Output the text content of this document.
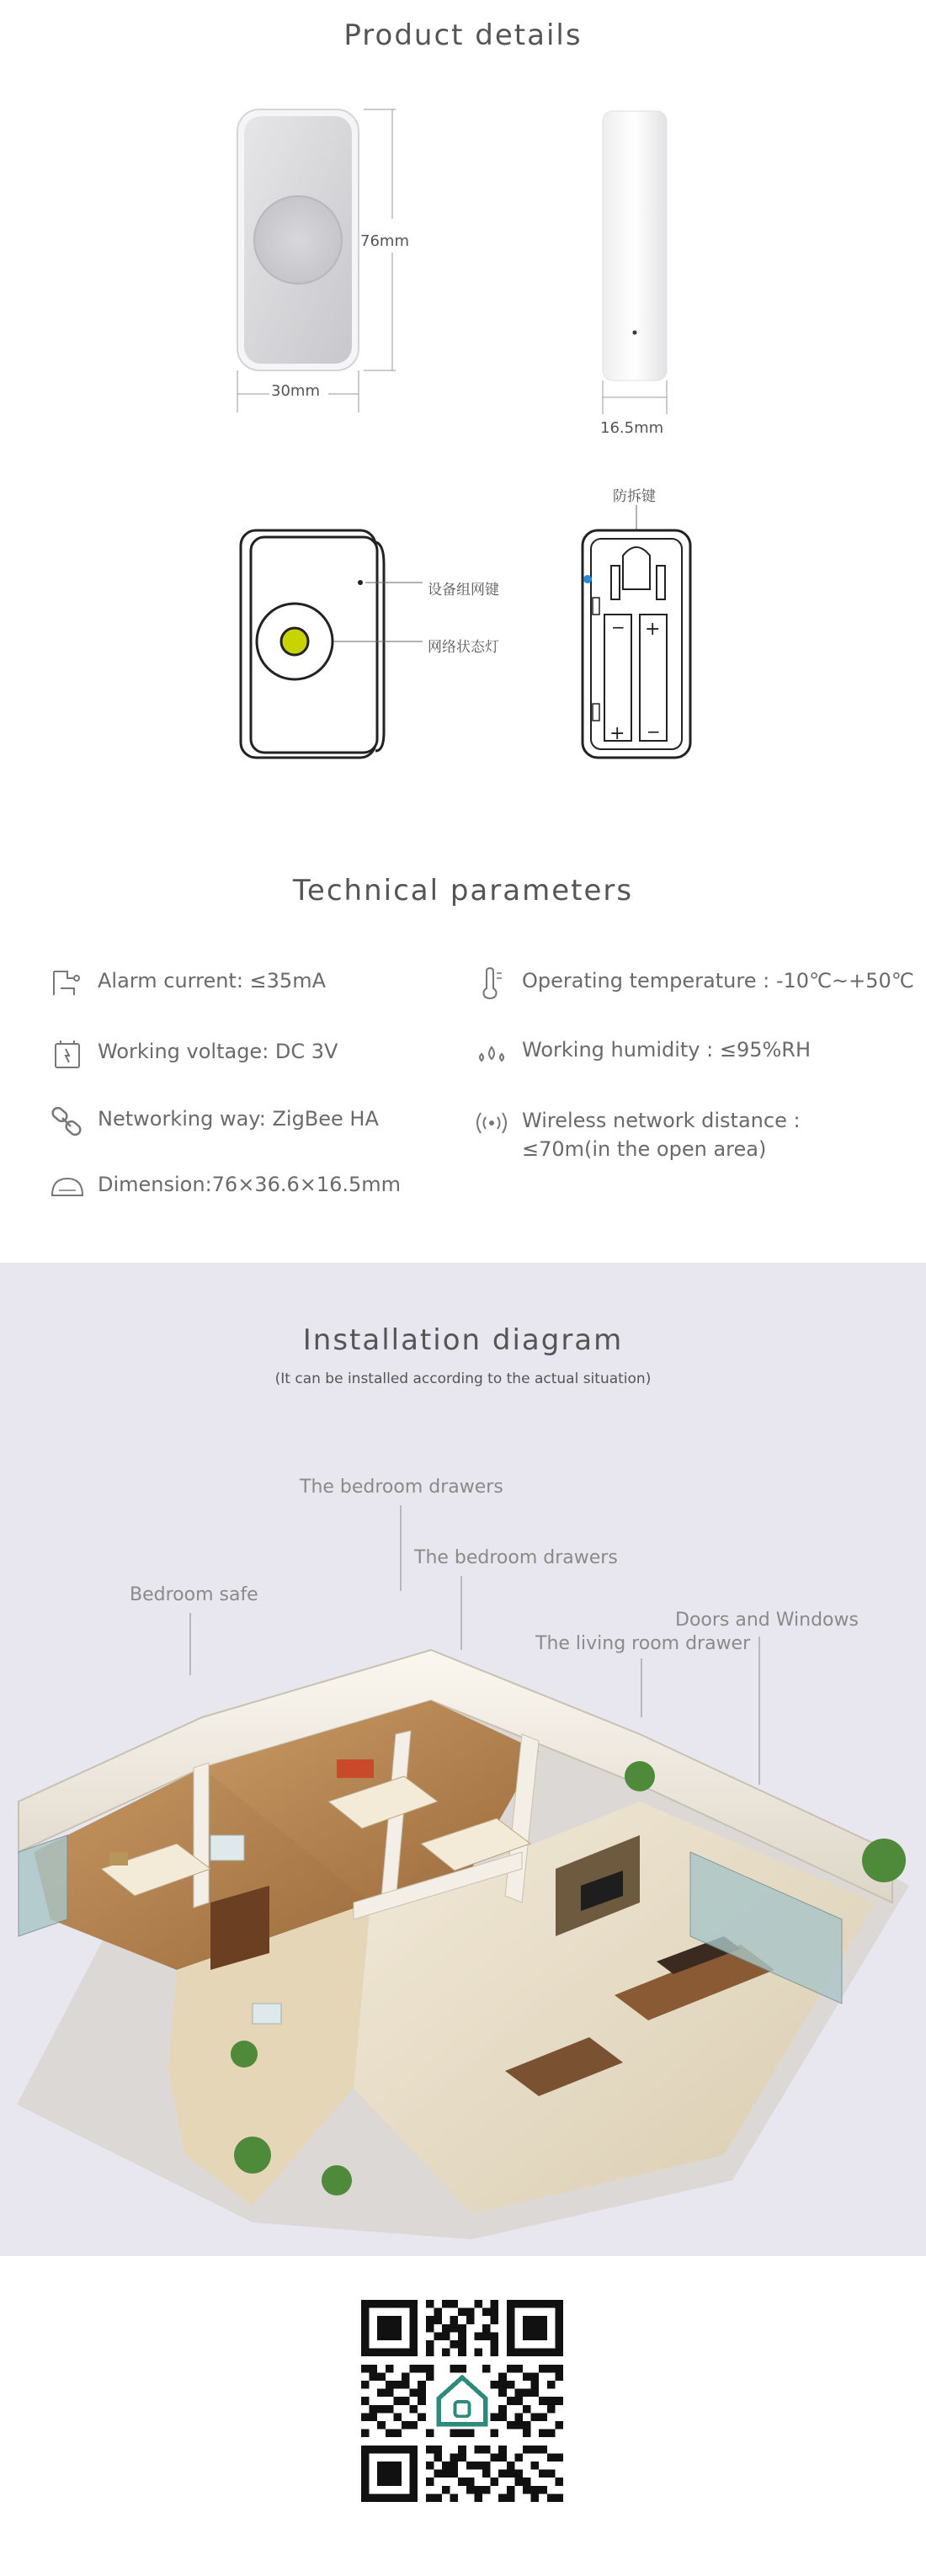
Product details
76mm
30mm
16.5mm
设备组网键
网络状态灯
防拆键
− +
+ −
Technical parameters
Alarm current: ≤35mA
Working voltage: DC 3V
Networking way: ZigBee HA
Dimension:76×36.6×16.5mm
Operating temperature : -10℃~+50℃
Working humidity : ≤95%RH
Wireless network distance :
≤70m(in the open area)
Installation diagram
(It can be installed according to the actual situation)
The bedroom drawers
The bedroom drawers
Bedroom safe
The living room drawer
Doors and Windows
